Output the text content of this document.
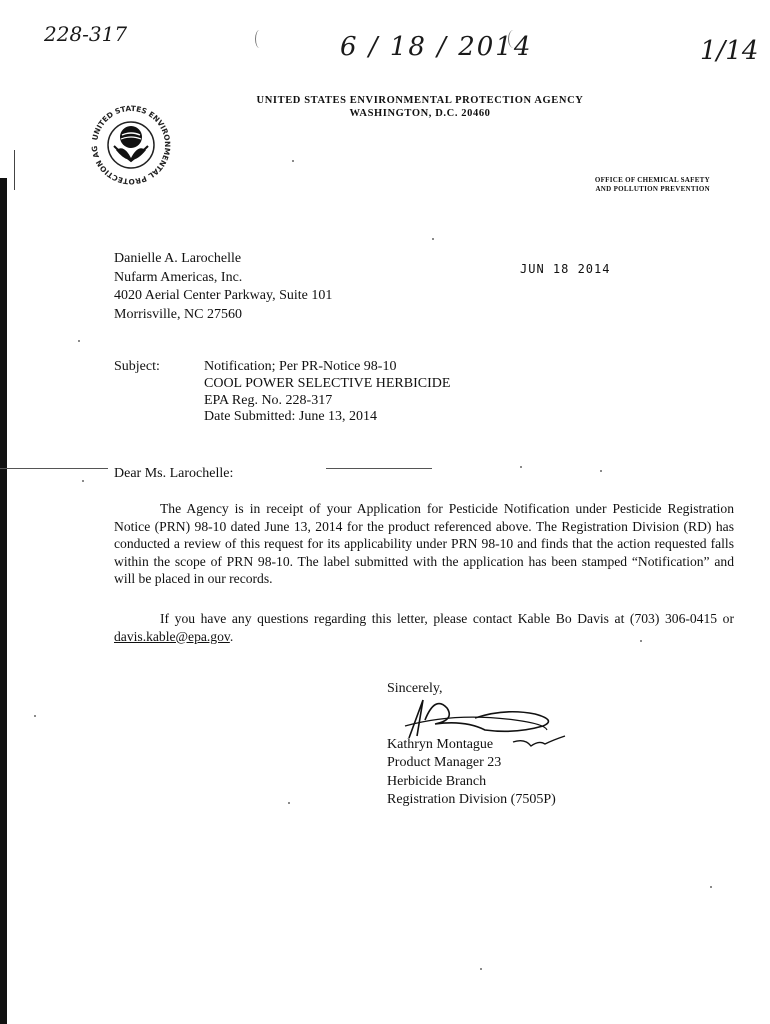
228-317	6 / 18 / 2014	1/14
UNITED STATES ENVIRONMENTAL PROTECTION AG
UNITED STATES ENVIRONMENTAL PROTECTION AGENCY
WASHINGTON, D.C. 20460
OFFICE OF CHEMICAL SAFETY
AND POLLUTION PREVENTION
Danielle A. Larochelle
Nufarm Americas, Inc.
4020 Aerial Center Parkway, Suite 101
Morrisville, NC 27560
JUN 18 2014
Subject:	Notification; Per PR-Notice 98-10
COOL POWER SELECTIVE HERBICIDE
EPA Reg. No. 228-317
Date Submitted: June 13, 2014
Dear Ms. Larochelle:

The Agency is in receipt of your Application for Pesticide Notification under Pesticide Registration Notice (PRN) 98-10 dated June 13, 2014 for the product referenced above. The Registration Division (RD) has conducted a review of this request for its applicability under PRN 98-10 and finds that the action requested falls within the scope of PRN 98-10. The label submitted with the application has been stamped “Notification” and will be placed in our records.

If you have any questions regarding this letter, please contact Kable Bo Davis at (703) 306-0415 or davis.kable@epa.gov.

Sincerely,
Kathryn Montague
Product Manager 23
Herbicide Branch
Registration Division (7505P)
